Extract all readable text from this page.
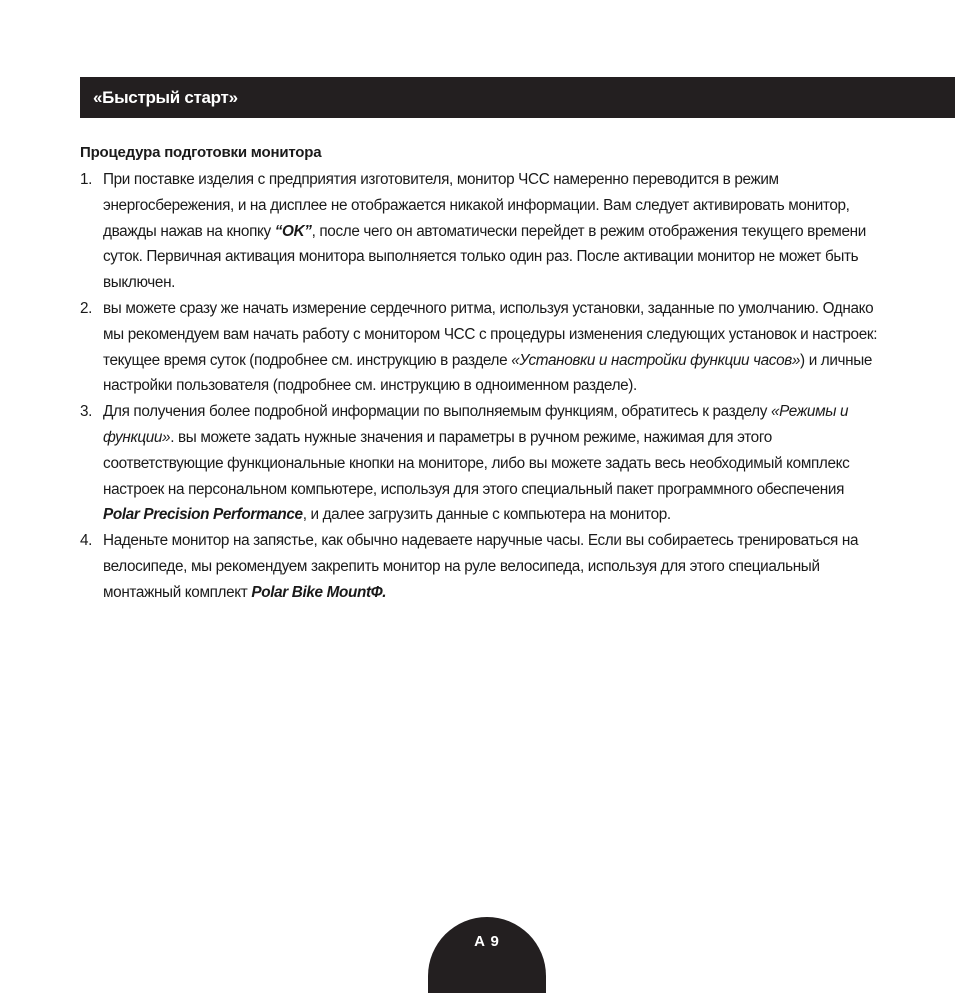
«Быстрый старт»
Процедура подготовки монитора
1. При поставке изделия с предприятия изготовителя, монитор ЧСС намеренно переводится в режим энергосбережения, и на дисплее не отображается никакой информации. Вам следует активировать монитор, дважды нажав на кнопку “OK”, после чего он автоматически перейдет в режим отображения текущего времени суток. Первичная активация монитора выполняется только один раз. После активации монитор не может быть выключен.
2. вы можете сразу же начать измерение сердечного ритма, используя установки, заданные по умолчанию. Однако мы рекомендуем вам начать работу с монитором ЧСС с процедуры изменения следующих установок и настроек: текущее время суток (подробнее см. инструкцию в разделе «Установки и настройки функции часов») и личные настройки пользователя (подробнее см. инструкцию в одноименном разделе).
3. Для получения более подробной информации по выполняемым функциям, обратитесь к разделу «Режимы и функции». вы можете задать нужные значения и параметры в ручном режиме, нажимая для этого соответствующие функциональные кнопки на мониторе, либо вы можете задать весь необходимый комплекс настроек на персональном компьютере, используя для этого специальный пакет программного обеспечения Polar Precision Performance, и далее загрузить данные с компьютера на монитор.
4. Наденьте монитор на запястье, как обычно надеваете наручные часы. Если вы собираетесь тренироваться на велосипеде, мы рекомендуем закрепить монитор на руле велосипеда, используя для этого специальный монтажный комплект Polar Bike MountФ.
A 9
